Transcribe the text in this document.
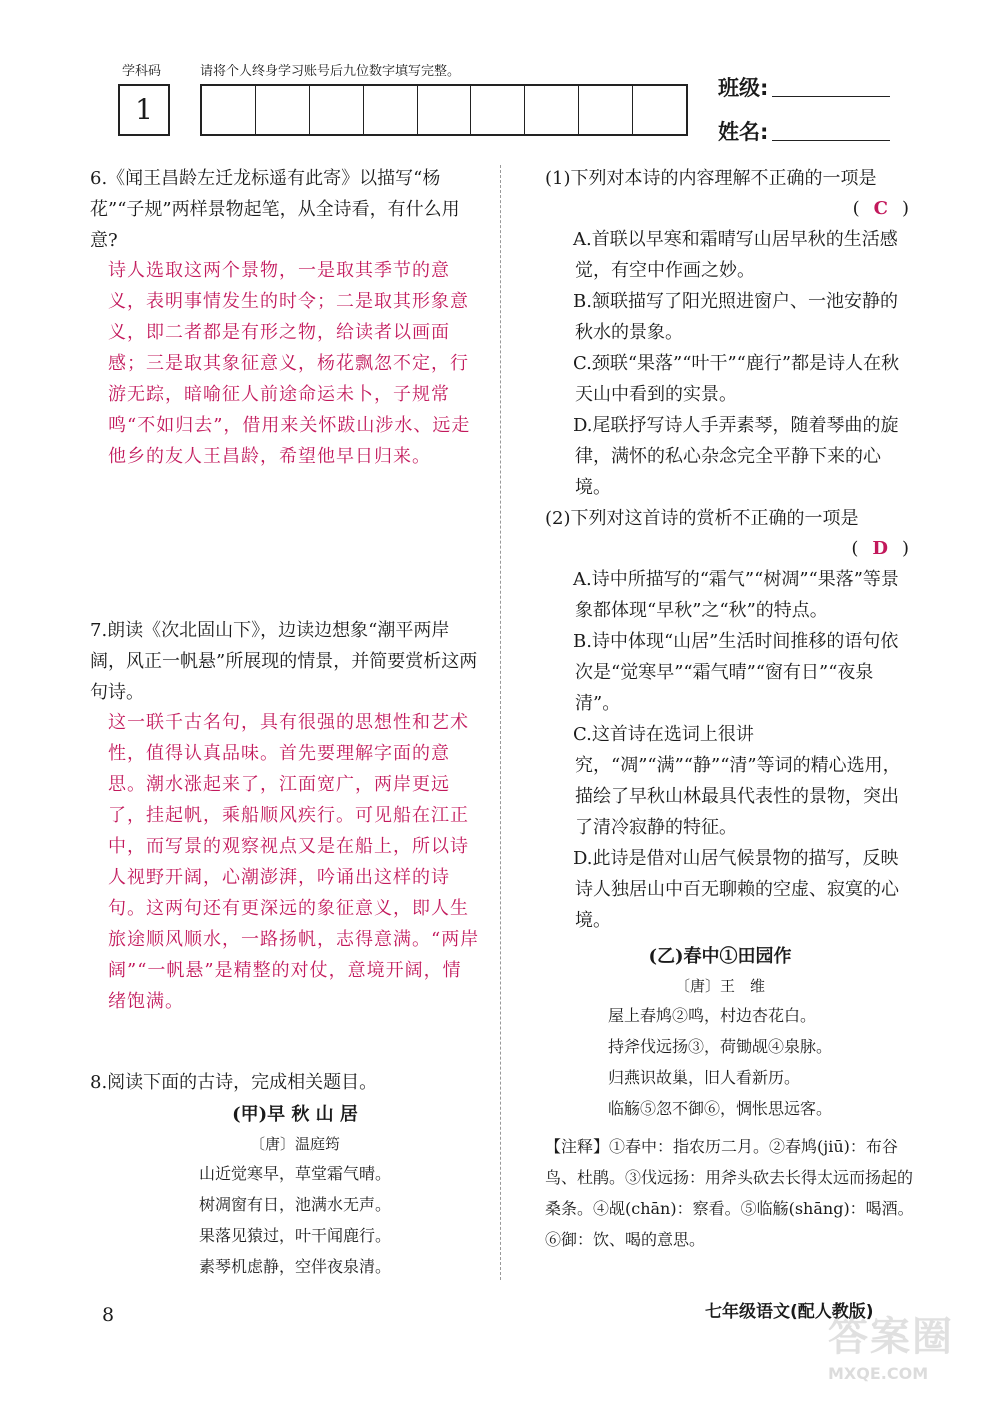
学科码	请将个人终身学习账号后九位数字填写完整。
1
班级:
姓名:
6.《闻王昌龄左迁龙标遥有此寄》以描写“杨花”“子规”两样景物起笔，从全诗看，有什么用意?
诗人选取这两个景物，一是取其季节的意义，表明事情发生的时令；二是取其形象意义，即二者都是有形之物，给读者以画面感；三是取其象征意义，杨花飘忽不定，行游无踪，暗喻征人前途命运未卜，子规常鸣“不如归去”，借用来关怀跋山涉水、远走他乡的友人王昌龄，希望他早日归来。
7.朗读《次北固山下》，边读边想象“潮平两岸阔，风正一帆悬”所展现的情景，并简要赏析这两句诗。
这一联千古名句，具有很强的思想性和艺术性，值得认真品味。首先要理解字面的意思。潮水涨起来了，江面宽广，两岸更远了，挂起帆，乘船顺风疾行。可见船在江正中，而写景的观察视点又是在船上，所以诗人视野开阔，心潮澎湃，吟诵出这样的诗句。这两句还有更深远的象征意义，即人生旅途顺风顺水，一路扬帆，志得意满。“两岸阔”“一帆悬”是精整的对仗，意境开阔，情绪饱满。
8.阅读下面的古诗，完成相关题目。
(甲)早 秋 山 居
〔唐〕温庭筠
山近觉寒早，草堂霜气晴。
树凋窗有日，池满水无声。
果落见猿过，叶干闻鹿行。
素琴机虑静，空伴夜泉清。
(1)下列对本诗的内容理解不正确的一项是
( C )
A.首联以早寒和霜晴写山居早秋的生活感觉，有空中作画之妙。
B.颔联描写了阳光照进窗户、一池安静的秋水的景象。
C.颈联“果落”“叶干”“鹿行”都是诗人在秋天山中看到的实景。
D.尾联抒写诗人手弄素琴，随着琴曲的旋律，满怀的私心杂念完全平静下来的心境。
(2)下列对这首诗的赏析不正确的一项是
( D )
A.诗中所描写的“霜气”“树凋”“果落”等景象都体现“早秋”之“秋”的特点。
B.诗中体现“山居”生活时间推移的语句依次是“觉寒早”“霜气晴”“窗有日”“夜泉清”。
C.这首诗在选词上很讲究，“凋”“满”“静”“清”等词的精心选用，描绘了早秋山林最具代表性的景物，突出了清冷寂静的特征。
D.此诗是借对山居气候景物的描写，反映诗人独居山中百无聊赖的空虚、寂寞的心境。
(乙)春中①田园作
〔唐〕王　维
屋上春鸠②鸣，村边杏花白。
持斧伐远扬③，荷锄觇④泉脉。
归燕识故巢，旧人看新历。
临觞⑤忽不御⑥，惆怅思远客。
【注释】①春中：指农历二月。②春鸠(jiū)：布谷鸟、杜鹃。③伐远扬：用斧头砍去长得太远而扬起的桑条。④觇(chān)：察看。⑤临觞(shāng)：喝酒。⑥御：饮、喝的意思。
8	七年级语文(配人教版)
答案圈
MXQE.COM
